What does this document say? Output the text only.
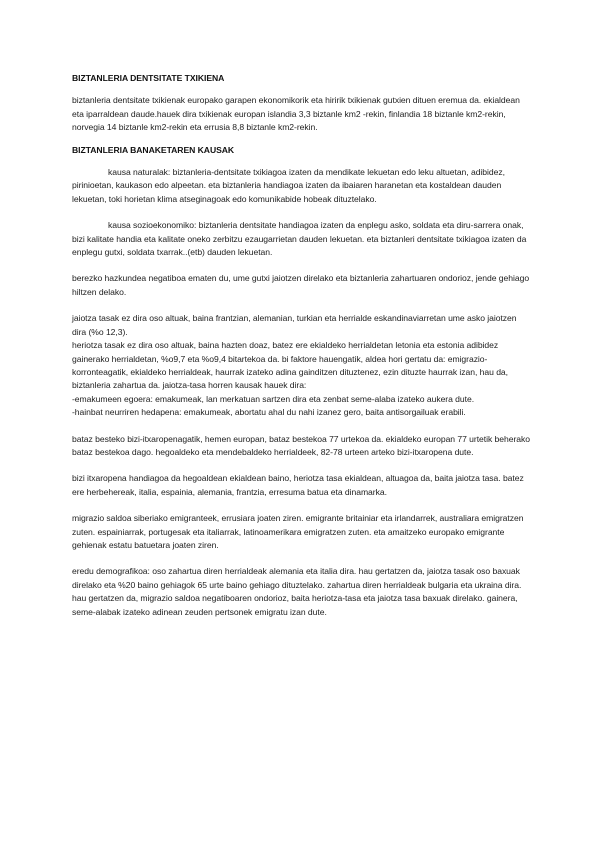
BIZTANLERIA DENTSITATE TXIKIENA

biztanleria dentsitate txikienak europako garapen ekonomikorik eta hiririk txikienak gutxien dituen eremua da. ekialdean eta iparraldean daude.hauek dira txikienak europan islandia 3,3 biztanle km2 -rekin, finlandia 18 biztanle km2-rekin, norvegia 14 biztanle km2-rekin eta errusia 8,8 biztanle km2-rekin.

BIZTANLERIA BANAKETAREN KAUSAK

kausa naturalak: biztanleria-dentsitate txikiagoa izaten da mendikate lekuetan edo leku altuetan, adibidez, pirinioetan, kaukason edo alpeetan. eta biztanleria handiagoa izaten da ibaiaren haranetan eta kostaldean dauden lekuetan, toki horietan klima atseginagoak edo komunikabide hobeak dituztelako.

kausa sozioekonomiko: biztanleria dentsitate handiagoa izaten da enplegu asko, soldata eta diru-sarrera onak, bizi kalitate handia eta kalitate oneko zerbitzu ezaugarrietan dauden lekuetan. eta biztanleri dentsitate txikiagoa izaten da enplegu gutxi, soldata txarrak..(etb) dauden lekuetan.

berezko hazkundea negatiboa ematen du, ume gutxi jaiotzen direlako eta biztanleria zahartuaren ondorioz, jende gehiago hiltzen delako.

jaiotza tasak ez dira oso altuak, baina frantzian, alemanian, turkian eta herrialde eskandinaviarretan ume asko jaiotzen dira (%o 12,3).

heriotza tasak ez dira oso altuak, baina hazten doaz, batez ere ekialdeko herrialdetan letonia eta estonia adibidez gainerako herrialdetan, %o9,7 eta %o9,4 bitartekoa da. bi faktore hauengatik, aldea hori gertatu da: emigrazio-korronteagatik, ekialdeko herrialdeak, haurrak izateko adina gainditzen dituztenez, ezin dituzte haurrak izan, hau da, biztanleria zahartua da. jaiotza-tasa horren kausak hauek dira:

-emakumeen egoera: emakumeak, lan merkatuan sartzen dira eta zenbat seme-alaba izateko aukera dute.

-hainbat neurriren hedapena: emakumeak, abortatu ahal du nahi izanez gero, baita antisorgailuak erabili.

bataz besteko bizi-itxaropenagatik, hemen europan, bataz bestekoa 77 urtekoa da. ekialdeko europan 77 urtetik beherako bataz bestekoa dago. hegoaldeko eta mendebaldeko herrialdeek, 82-78 urteen arteko bizi-itxaropena dute.

bizi itxaropena handiagoa da hegoaldean ekialdean baino, heriotza tasa ekialdean, altuagoa da, baita jaiotza tasa. batez ere herbehereak, italia, espainia, alemania, frantzia, erresuma batua eta dinamarka.

migrazio saldoa siberiako emigranteek, errusiara joaten ziren. emigrante britainiar eta irlandarrek, australiara emigratzen zuten. espainiarrak, portugesak eta italiarrak, latinoamerikara emigratzen zuten. eta amaitzeko europako emigrante gehienak estatu batuetara joaten ziren.

eredu demografikoa: oso zahartua diren herrialdeak alemania eta italia dira. hau gertatzen da, jaiotza tasak oso baxuak direlako eta %20 baino gehiagok 65 urte baino gehiago dituztelako. zahartua diren herrialdeak bulgaria eta ukraina dira. hau gertatzen da, migrazio saldoa negatiboaren ondorioz, baita heriotza-tasa eta jaiotza tasa baxuak direlako. gainera, seme-alabak izateko adinean zeuden pertsonek emigratu izan dute.
